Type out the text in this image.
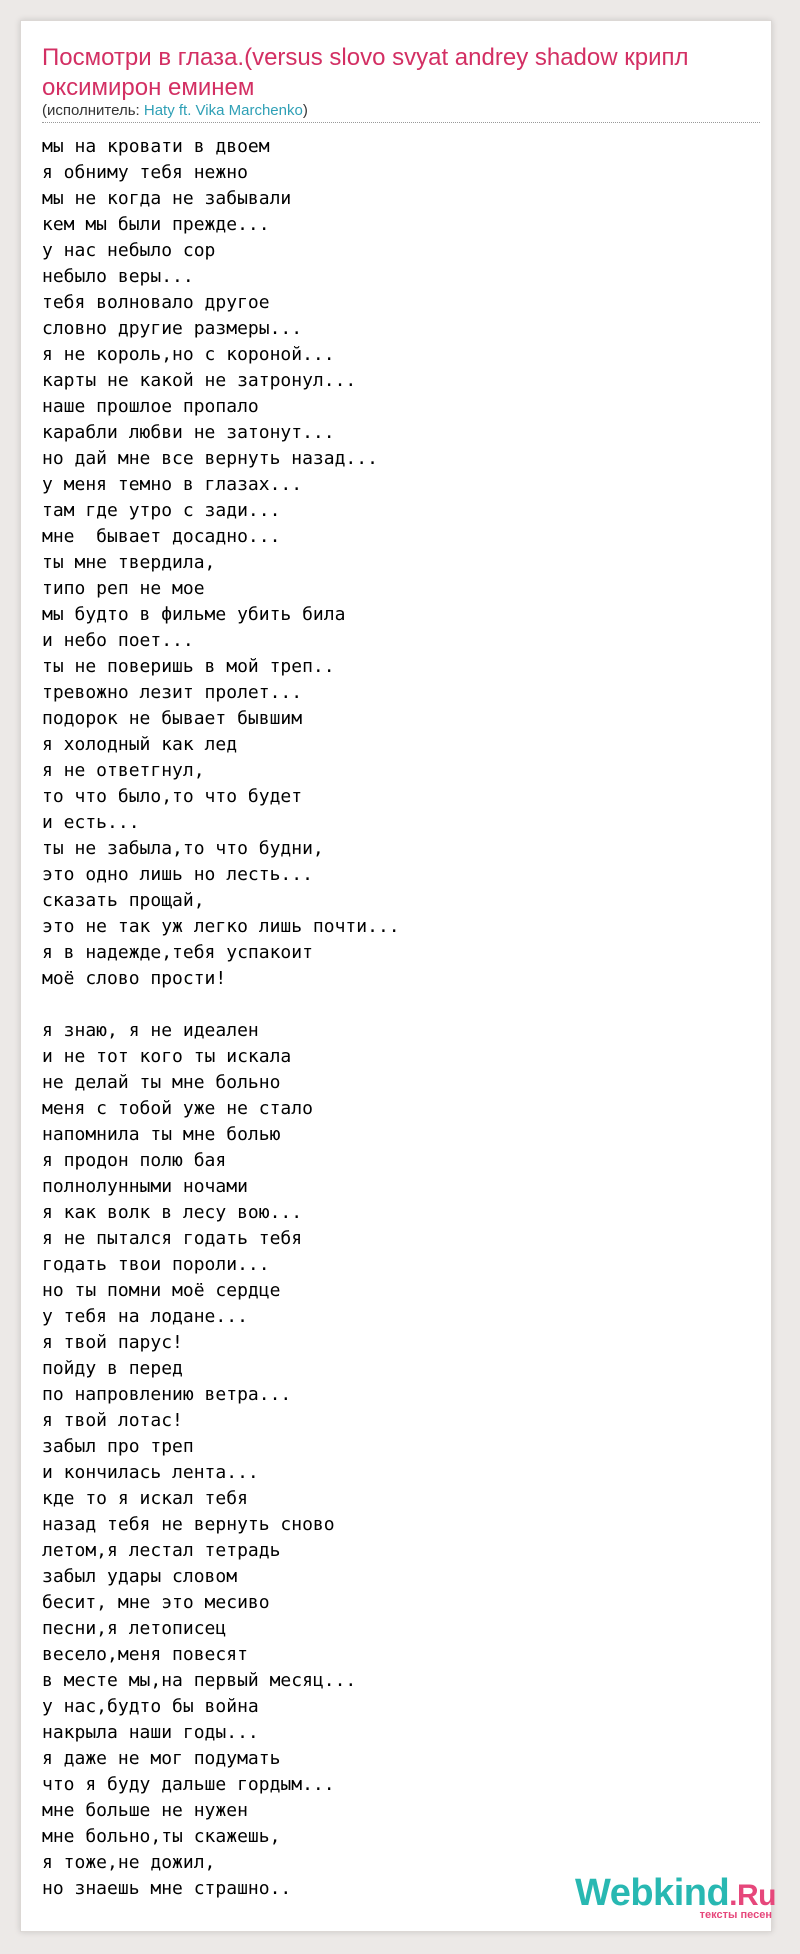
Посмотри в глаза.(versus slovo svyat andrey shadow крипл оксимирон еминем
(исполнитель: Haty ft. Vika Marchenko)
мы на кровати в двоем
я обниму тебя нежно
мы не когда не забывали
кем мы были прежде...
у нас небыло сор
небыло веры...
тебя волновало другое
словно другие размеры...
я не король,но с короной...
карты не какой не затронул...
наше прошлое пропало
карабли любви не затонут...
но дай мне все вернуть назад...
у меня темно в глазах...
там где утро с зади...
мне  бывает досадно...
ты мне твердила,
типо реп не мое
мы будто в фильме убить била
и небо поет...
ты не поверишь в мой треп..
тревожно лезит пролет...
подорок не бывает бывшим
я холодный как лед
я не ответгнул,
то что было,то что будет
и есть...
ты не забыла,то что будни,
это одно лишь но лесть...
сказать прощай,
это не так уж легко лишь почти...
я в надежде,тебя успакоит
моё слово прости!

я знаю, я не идеален
и не тот кого ты искала
не делай ты мне больно
меня с тобой уже не стало
напомнила ты мне болью
я продон полю бая
полнолунными ночами
я как волк в лесу вою...
я не пытался годать тебя
годать твои пороли...
но ты помни моё сердце
у тебя на лодане...
я твой парус!
пойду в перед
по напровлению ветра...
я твой лотас!
забыл про треп
и кончилась лента...
кде то я искал тебя
назад тебя не вернуть сново
летом,я лестал тетрадь
забыл удары словом
бесит, мне это месиво
песни,я летописец
весело,меня повесят
в месте мы,на первый месяц...
у нас,будто бы война
накрыла наши годы...
я даже не мог подумать
что я буду дальше гордым...
мне больше не нужен
мне больно,ты скажешь,
я тоже,не дожил,
но знаешь мне страшно..	Webkind.Ru
тексты песен
